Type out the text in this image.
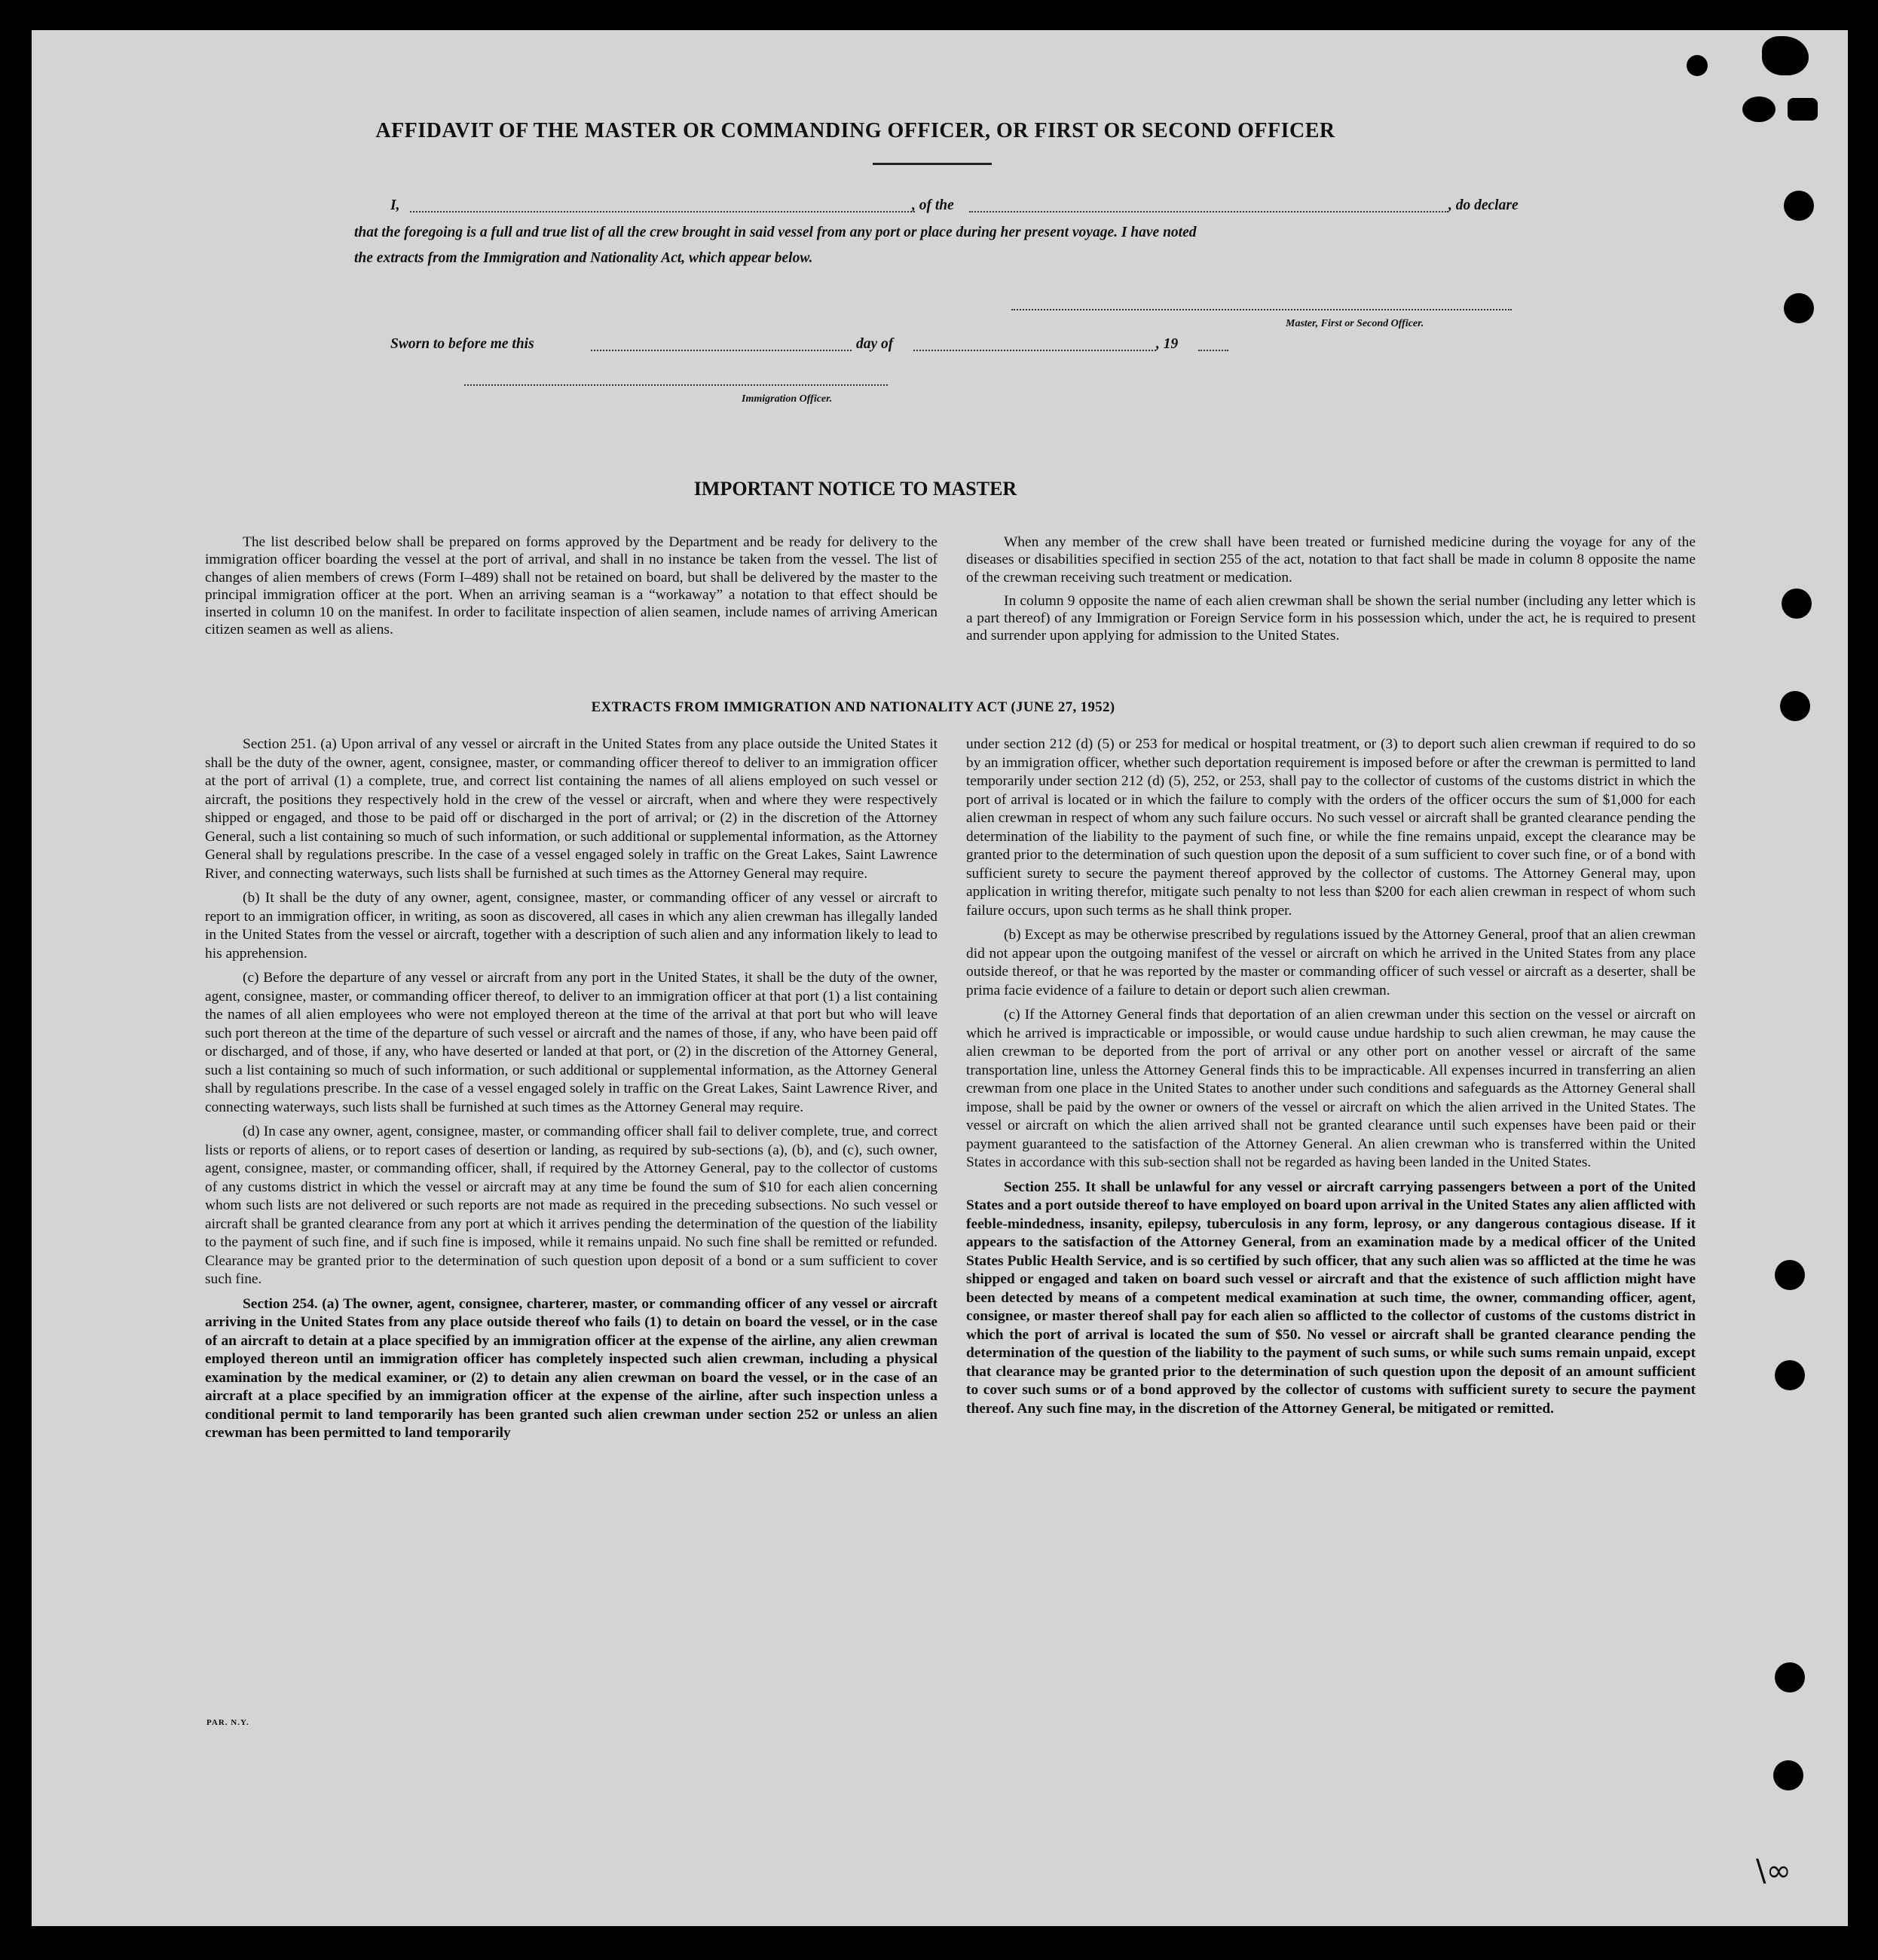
AFFIDAVIT OF THE MASTER OR COMMANDING OFFICER, OR FIRST OR SECOND OFFICER
I,	, of the	, do declare
that the foregoing is a full and true list of all the crew brought in said vessel from any port or place during her present voyage. I have noted
the extracts from the Immigration and Nationality Act, which appear below.
Master, First or Second Officer.
Sworn to before me this	day of	, 19
Immigration Officer.
IMPORTANT NOTICE TO MASTER

The list described below shall be prepared on forms approved by the Department and be ready for delivery to the immigration officer boarding the vessel at the port of arrival, and shall in no instance be taken from the vessel. The list of changes of alien members of crews (Form I–489) shall not be retained on board, but shall be delivered by the master to the principal immigration officer at the port. When an arriving seaman is a “workaway” a notation to that effect should be inserted in column 10 on the manifest. In order to facilitate inspection of alien seamen, include names of arriving American citizen seamen as well as aliens.

When any member of the crew shall have been treated or furnished medicine during the voyage for any of the diseases or disabilities specified in section 255 of the act, notation to that fact shall be made in column 8 opposite the name of the crewman receiving such treatment or medication.

In column 9 opposite the name of each alien crewman shall be shown the serial number (including any letter which is a part thereof) of any Immigration or Foreign Service form in his possession which, under the act, he is required to present and surrender upon applying for admission to the United States.

EXTRACTS FROM IMMIGRATION AND NATIONALITY ACT (JUNE 27, 1952)

Section 251. (a) Upon arrival of any vessel or aircraft in the United States from any place outside the United States it shall be the duty of the owner, agent, consignee, master, or commanding officer thereof to deliver to an immigration officer at the port of arrival (1) a complete, true, and correct list containing the names of all aliens employed on such vessel or aircraft, the positions they respectively hold in the crew of the vessel or aircraft, when and where they were respectively shipped or engaged, and those to be paid off or discharged in the port of arrival; or (2) in the discretion of the Attorney General, such a list containing so much of such information, or such additional or supplemental information, as the Attorney General shall by regulations prescribe. In the case of a vessel engaged solely in traffic on the Great Lakes, Saint Lawrence River, and connecting waterways, such lists shall be furnished at such times as the Attorney General may require.

(b) It shall be the duty of any owner, agent, consignee, master, or commanding officer of any vessel or aircraft to report to an immigration officer, in writing, as soon as discovered, all cases in which any alien crewman has illegally landed in the United States from the vessel or aircraft, together with a description of such alien and any information likely to lead to his apprehension.

(c) Before the departure of any vessel or aircraft from any port in the United States, it shall be the duty of the owner, agent, consignee, master, or commanding officer thereof, to deliver to an immigration officer at that port (1) a list containing the names of all alien employees who were not employed thereon at the time of the arrival at that port but who will leave such port thereon at the time of the departure of such vessel or aircraft and the names of those, if any, who have been paid off or discharged, and of those, if any, who have deserted or landed at that port, or (2) in the discretion of the Attorney General, such a list containing so much of such information, or such additional or supplemental information, as the Attorney General shall by regulations prescribe. In the case of a vessel engaged solely in traffic on the Great Lakes, Saint Lawrence River, and connecting waterways, such lists shall be furnished at such times as the Attorney General may require.

(d) In case any owner, agent, consignee, master, or commanding officer shall fail to deliver complete, true, and correct lists or reports of aliens, or to report cases of desertion or landing, as required by sub-sections (a), (b), and (c), such owner, agent, consignee, master, or commanding officer, shall, if required by the Attorney General, pay to the collector of customs of any customs district in which the vessel or aircraft may at any time be found the sum of $10 for each alien concerning whom such lists are not delivered or such reports are not made as required in the preceding subsections. No such vessel or aircraft shall be granted clearance from any port at which it arrives pending the determination of the question of the liability to the payment of such fine, and if such fine is imposed, while it remains unpaid. No such fine shall be remitted or refunded. Clearance may be granted prior to the determination of such question upon deposit of a bond or a sum sufficient to cover such fine.

Section 254. (a) The owner, agent, consignee, charterer, master, or commanding officer of any vessel or aircraft arriving in the United States from any place outside thereof who fails (1) to detain on board the vessel, or in the case of an aircraft to detain at a place specified by an immigration officer at the expense of the airline, any alien crewman employed thereon until an immigration officer has completely inspected such alien crewman, including a physical examination by the medical examiner, or (2) to detain any alien crewman on board the vessel, or in the case of an aircraft at a place specified by an immigration officer at the expense of the airline, after such inspection unless a conditional permit to land temporarily has been granted such alien crewman under section 252 or unless an alien crewman has been permitted to land temporarily

under section 212 (d) (5) or 253 for medical or hospital treatment, or (3) to deport such alien crewman if required to do so by an immigration officer, whether such deportation requirement is imposed before or after the crewman is permitted to land temporarily under section 212 (d) (5), 252, or 253, shall pay to the collector of customs of the customs district in which the port of arrival is located or in which the failure to comply with the orders of the officer occurs the sum of $1,000 for each alien crewman in respect of whom any such failure occurs. No such vessel or aircraft shall be granted clearance pending the determination of the liability to the payment of such fine, or while the fine remains unpaid, except the clearance may be granted prior to the determination of such question upon the deposit of a sum sufficient to cover such fine, or of a bond with sufficient surety to secure the payment thereof approved by the collector of customs. The Attorney General may, upon application in writing therefor, mitigate such penalty to not less than $200 for each alien crewman in respect of whom such failure occurs, upon such terms as he shall think proper.

(b) Except as may be otherwise prescribed by regulations issued by the Attorney General, proof that an alien crewman did not appear upon the outgoing manifest of the vessel or aircraft on which he arrived in the United States from any place outside thereof, or that he was reported by the master or commanding officer of such vessel or aircraft as a deserter, shall be prima facie evidence of a failure to detain or deport such alien crewman.

(c) If the Attorney General finds that deportation of an alien crewman under this section on the vessel or aircraft on which he arrived is impracticable or impossible, or would cause undue hardship to such alien crewman, he may cause the alien crewman to be deported from the port of arrival or any other port on another vessel or aircraft of the same transportation line, unless the Attorney General finds this to be impracticable. All expenses incurred in transferring an alien crewman from one place in the United States to another under such conditions and safeguards as the Attorney General shall impose, shall be paid by the owner or owners of the vessel or aircraft on which the alien arrived in the United States. The vessel or aircraft on which the alien arrived shall not be granted clearance until such expenses have been paid or their payment guaranteed to the satisfaction of the Attorney General. An alien crewman who is transferred within the United States in accordance with this sub-section shall not be regarded as having been landed in the United States.

Section 255. It shall be unlawful for any vessel or aircraft carrying passengers between a port of the United States and a port outside thereof to have employed on board upon arrival in the United States any alien afflicted with feeble-mindedness, insanity, epilepsy, tuberculosis in any form, leprosy, or any dangerous contagious disease. If it appears to the satisfaction of the Attorney General, from an examination made by a medical officer of the United States Public Health Service, and is so certified by such officer, that any such alien was so afflicted at the time he was shipped or engaged and taken on board such vessel or aircraft and that the existence of such affliction might have been detected by means of a competent medical examination at such time, the owner, commanding officer, agent, consignee, or master thereof shall pay for each alien so afflicted to the collector of customs of the customs district in which the port of arrival is located the sum of $50. No vessel or aircraft shall be granted clearance pending the determination of the question of the liability to the payment of such sums, or while such sums remain unpaid, except that clearance may be granted prior to the determination of such question upon the deposit of an amount sufficient to cover such sums or of a bond approved by the collector of customs with sufficient surety to secure the payment thereof. Any such fine may, in the discretion of the Attorney General, be mitigated or remitted.

PAR. N.Y.
\∞
